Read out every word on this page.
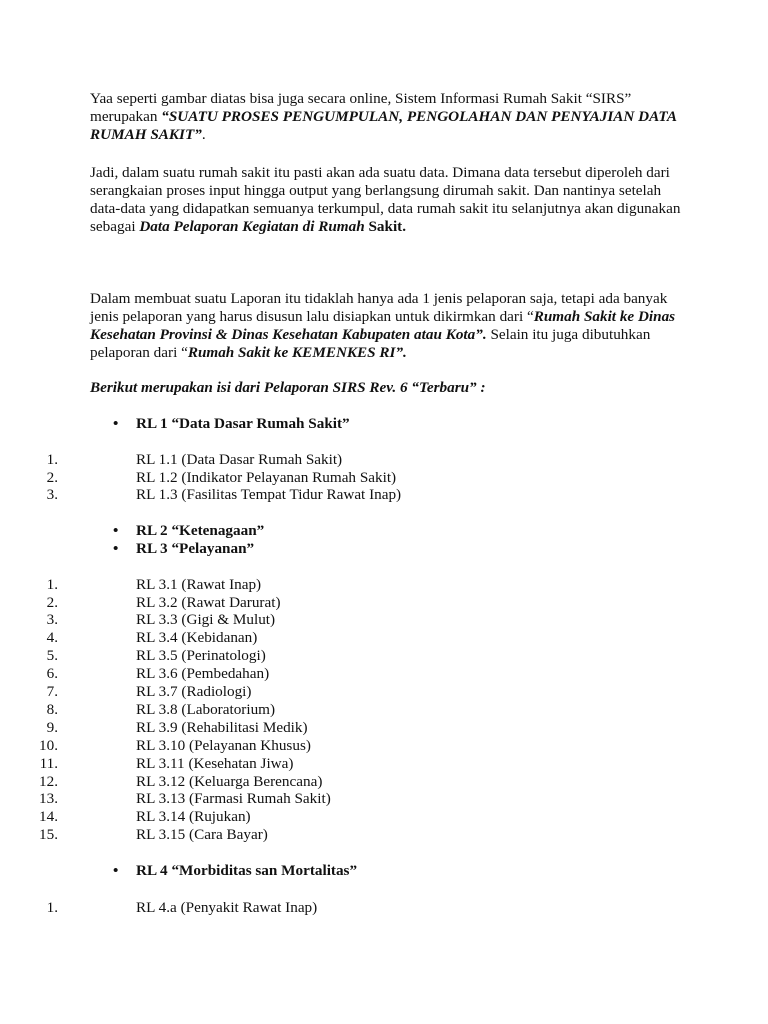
Yaa seperti gambar diatas bisa juga secara online, Sistem Informasi Rumah Sakit “SIRS”
merupakan “SUATU PROSES PENGUMPULAN, PENGOLAHAN DAN PENYAJIAN DATA RUMAH SAKIT”.

Jadi, dalam suatu rumah sakit itu pasti akan ada suatu data. Dimana data tersebut diperoleh dari serangkaian proses input hingga output yang berlangsung dirumah sakit. Dan nantinya setelah data-data yang didapatkan semuanya terkumpul, data rumah sakit itu selanjutnya akan digunakan sebagai Data Pelaporan Kegiatan di Rumah Sakit.

Dalam membuat suatu Laporan itu tidaklah hanya ada 1 jenis pelaporan saja, tetapi ada banyak jenis pelaporan yang harus disusun lalu disiapkan untuk dikirmkan dari “Rumah Sakit ke Dinas Kesehatan Provinsi & Dinas Kesehatan Kabupaten atau Kota”. Selain itu juga dibutuhkan pelaporan dari “Rumah Sakit ke KEMENKES RI”.

Berikut merupakan isi dari Pelaporan SIRS Rev. 6 “Terbaru” :

• RL 1 “Data Dasar Rumah Sakit”
1.	RL 1.1 (Data Dasar Rumah Sakit)
2.	RL 1.2 (Indikator Pelayanan Rumah Sakit)
3.	RL 1.3 (Fasilitas Tempat Tidur Rawat Inap)
• RL 2 “Ketenagaan”
• RL 3 “Pelayanan”
1.	RL 3.1 (Rawat Inap)
2.	RL 3.2 (Rawat Darurat)
3.	RL 3.3 (Gigi & Mulut)
4.	RL 3.4 (Kebidanan)
5.	RL 3.5 (Perinatologi)
6.	RL 3.6 (Pembedahan)
7.	RL 3.7 (Radiologi)
8.	RL 3.8 (Laboratorium)
9.	RL 3.9 (Rehabilitasi Medik)
10.	RL 3.10 (Pelayanan Khusus)
11.	RL 3.11 (Kesehatan Jiwa)
12.	RL 3.12 (Keluarga Berencana)
13.	RL 3.13 (Farmasi Rumah Sakit)
14.	RL 3.14 (Rujukan)
15.	RL 3.15 (Cara Bayar)
• RL 4 “Morbiditas san Mortalitas”
1.	RL 4.a (Penyakit Rawat Inap)
